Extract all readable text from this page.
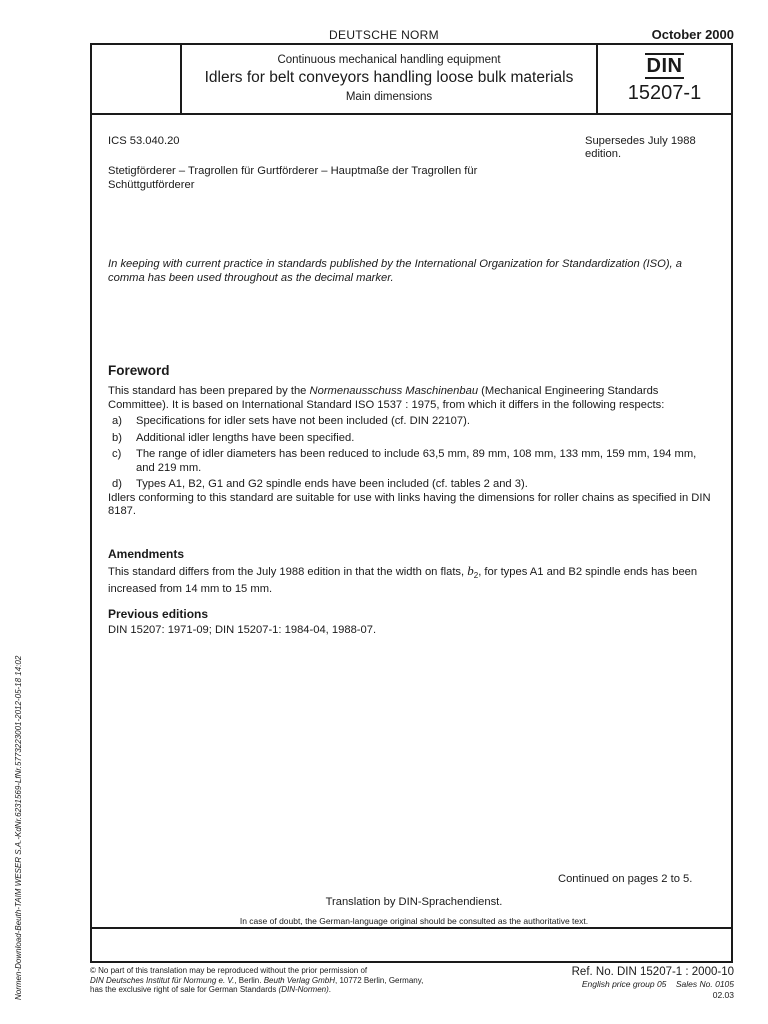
DEUTSCHE NORM	October 2000
Continuous mechanical handling equipment
Idlers for belt conveyors handling loose bulk materials
Main dimensions
DIN
15207-1
ICS 53.040.20	Supersedes July 1988 edition.
Stetigförderer – Tragrollen für Gurtförderer – Hauptmaße der Tragrollen für Schüttgutförderer
In keeping with current practice in standards published by the International Organization for Standardization (ISO), a comma has been used throughout as the decimal marker.
Foreword
This standard has been prepared by the Normenausschuss Maschinenbau (Mechanical Engineering Standards Committee). It is based on International Standard ISO 1537 : 1975, from which it differs in the following respects:
a)	Specifications for idler sets have not been included (cf. DIN 22107).
b)	Additional idler lengths have been specified.
c)	The range of idler diameters has been reduced to include 63,5 mm, 89 mm, 108 mm, 133 mm, 159 mm, 194 mm, and 219 mm.
d)	Types A1, B2, G1 and G2 spindle ends have been included (cf. tables 2 and 3).
Idlers conforming to this standard are suitable for use with links having the dimensions for roller chains as specified in DIN 8187.
Amendments
This standard differs from the July 1988 edition in that the width on flats, $b_2$, for types A1 and B2 spindle ends has been increased from 14 mm to 15 mm.
Previous editions
DIN 15207: 1971-09; DIN 15207-1: 1984-04, 1988-07.
Continued on pages 2 to 5.
Translation by DIN-Sprachendienst.
In case of doubt, the German-language original should be consulted as the authoritative text.
© No part of this translation may be reproduced without the prior permission of
DIN Deutsches Institut für Normung e. V., Berlin. Beuth Verlag GmbH, 10772 Berlin, Germany,
has the exclusive right of sale for German Standards (DIN-Normen).
Ref. No. DIN 15207-1 : 2000-10
English price group 05 Sales No. 0105
02.03
Normen-Download-Beuth-TAIM WESER S.A.-KdNr.6231569-LfNr.5773223001-2012-05-18 14:02
